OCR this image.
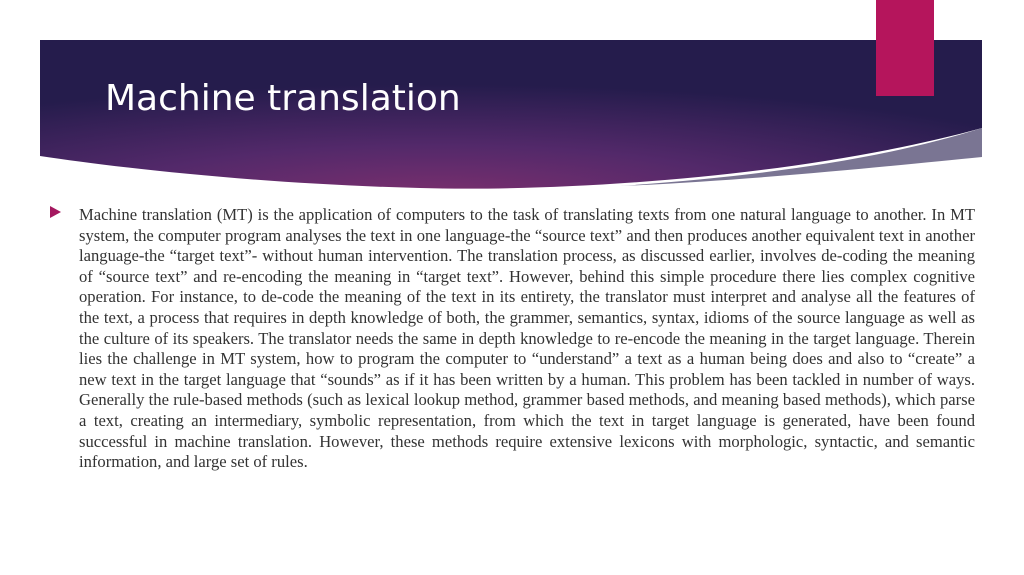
Machine translation
Machine translation (MT) is the application of computers to the task of translating texts from one natural language to another. In MT system, the computer program analyses the text in one language-the “source text” and then produces another equivalent text in another language-the “target text”- without human intervention. The translation process, as discussed earlier, involves de-coding the meaning of “source text” and re-encoding the meaning in “target text”. However, behind this simple procedure there lies complex cognitive operation. For instance, to de-code the meaning of the text in its entirety, the translator must interpret and analyse all the features of the text, a process that requires in depth knowledge of both, the grammer, semantics, syntax, idioms of the source language as well as the culture of its speakers. The translator needs the same in depth knowledge to re-encode the meaning in the target language. Therein lies the challenge in MT system, how to program the computer to “understand” a text as a human being does and also to “create” a new text in the target language that “sounds” as if it has been written by a human. This problem has been tackled in number of ways. Generally the rule-based methods (such as lexical lookup method, grammer based methods, and meaning based methods), which parse a text, creating an intermediary, symbolic representation, from which the text in target language is generated, have been found successful in machine translation. However, these methods require extensive lexicons with morphologic, syntactic, and semantic information, and large set of rules.
